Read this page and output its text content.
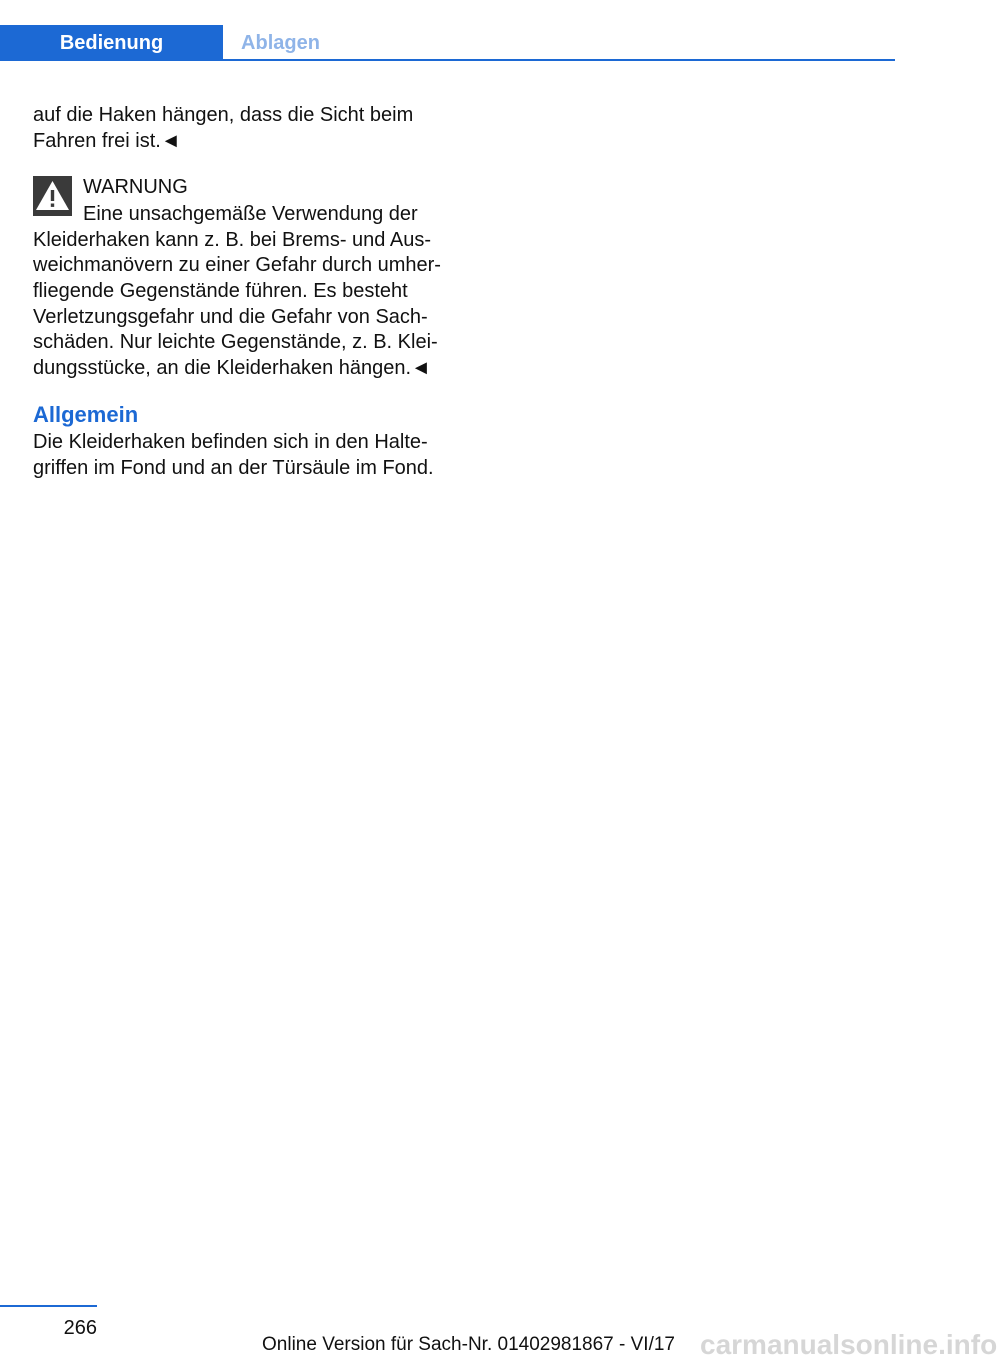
Bedienung	Ablagen

auf die Haken hängen, dass die Sicht beim
Fahren frei ist.◄

WARNUNG

Eine unsachgemäße Verwendung der
Kleiderhaken kann z. B. bei Brems- und Aus-
weichmanövern zu einer Gefahr durch umher-
fliegende Gegenstände führen. Es besteht
Verletzungsgefahr und die Gefahr von Sach-
schäden. Nur leichte Gegenstände, z. B. Klei-
dungsstücke, an die Kleiderhaken hängen.◄

Allgemein

Die Kleiderhaken befinden sich in den Halte-
griffen im Fond und an der Türsäule im Fond.

266
Online Version für Sach-Nr. 01402981867 - VI/17 carmanualsonline.info
